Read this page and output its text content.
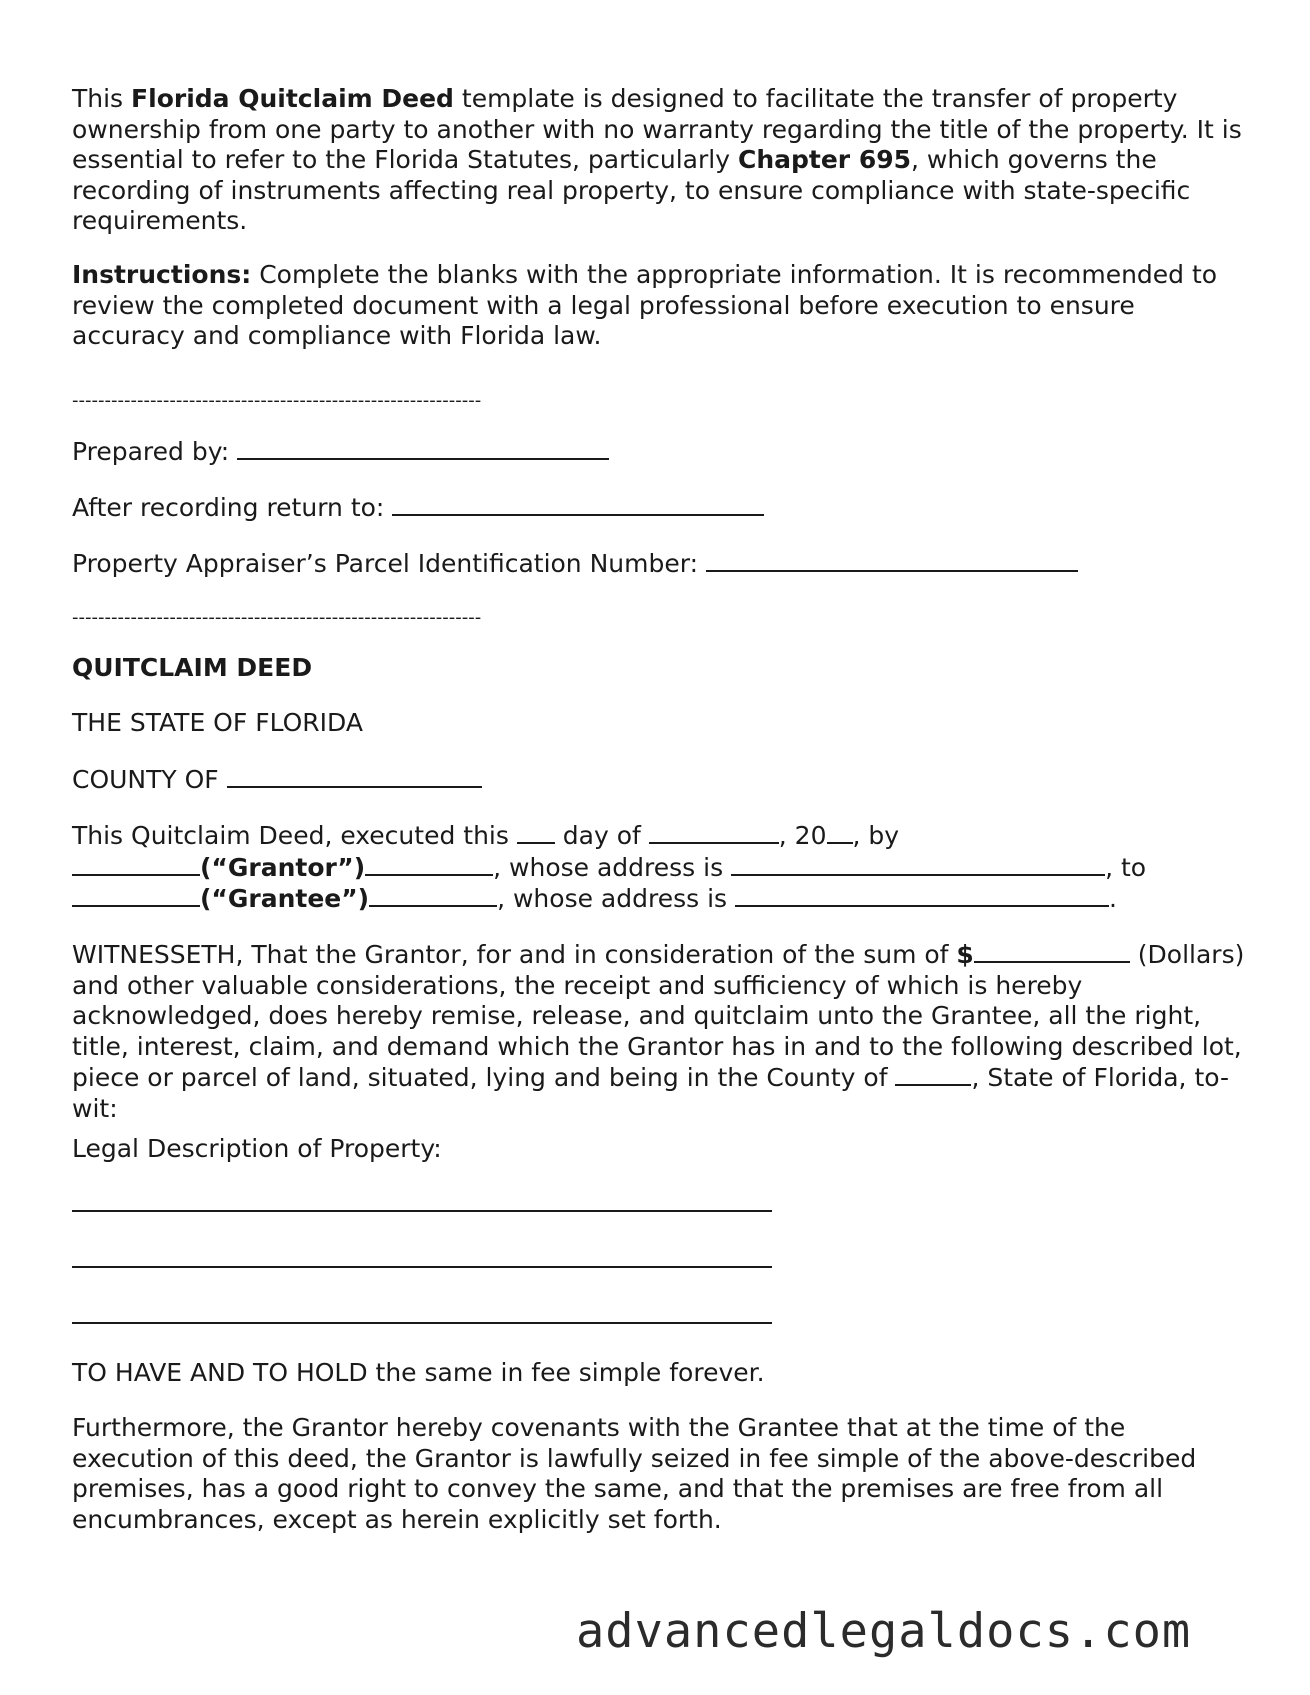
This Florida Quitclaim Deed template is designed to facilitate the transfer of property ownership from one party to another with no warranty regarding the title of the property. It is essential to refer to the Florida Statutes, particularly Chapter 695, which governs the recording of instruments affecting real property, to ensure compliance with state-specific requirements.

Instructions: Complete the blanks with the appropriate information. It is recommended to review the completed document with a legal professional before execution to ensure accuracy and compliance with Florida law.

---------------------------------------------------------------

Prepared by:

After recording return to:

Property Appraiser’s Parcel Identification Number:

---------------------------------------------------------------

QUITCLAIM DEED

THE STATE OF FLORIDA

COUNTY OF

This Quitclaim Deed, executed this day of	, 20 , by

(“Grantor”)	, whose address is	, to

(“Grantee”)	, whose address is	.

WITNESSETH, That the Grantor, for and in consideration of the sum of $	(Dollars) and other valuable considerations, the receipt and sufficiency of which is hereby acknowledged, does hereby remise, release, and quitclaim unto the Grantee, all the right, title, interest, claim, and demand which the Grantor has in and to the following described lot, piece or parcel of land, situated, lying and being in the County of	, State of Florida, to-wit:

Legal Description of Property:

TO HAVE AND TO HOLD the same in fee simple forever.

Furthermore, the Grantor hereby covenants with the Grantee that at the time of the execution of this deed, the Grantor is lawfully seized in fee simple of the above-described premises, has a good right to convey the same, and that the premises are free from all encumbrances, except as herein explicitly set forth.

advancedlegaldocs.com
